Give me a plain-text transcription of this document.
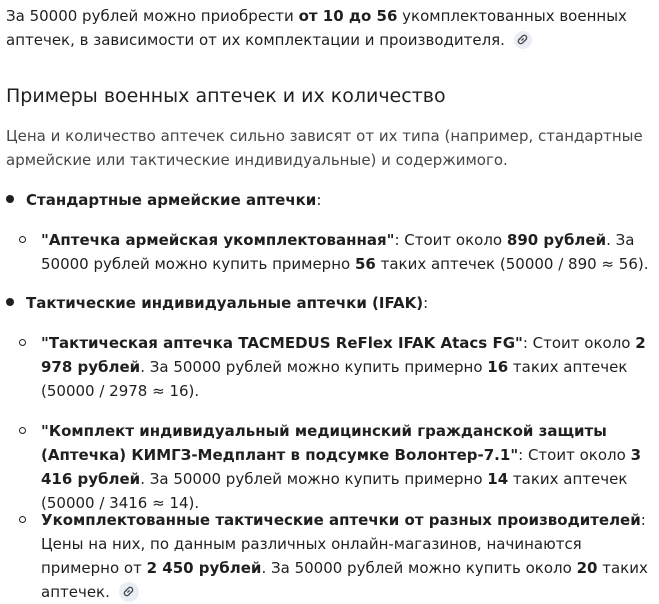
За 50000 рублей можно приобрести от 10 до 56 укомплектованных военных аптечек, в зависимости от их комплектации и производителя.

Примеры военных аптечек и их количество

Цена и количество аптечек сильно зависят от их типа (например, стандартные армейские или тактические индивидуальные) и содержимого.

Стандартные армейские аптечки:

"Аптечка армейская укомплектованная": Стоит около 890 рублей. За 50000 рублей можно купить примерно 56 таких аптечек (50000 / 890 ≈ 56).

Тактические индивидуальные аптечки (IFAK):

"Тактическая аптечка TACMEDUS ReFlex IFAK Atacs FG": Стоит около 2 978 рублей. За 50000 рублей можно купить примерно 16 таких аптечек (50000 / 2978 ≈ 16).

"Комплект индивидуальный медицинский гражданской защиты (Аптечка) КИМГЗ-Медплант в подсумке Волонтер-7.1": Стоит около 3 416 рублей. За 50000 рублей можно купить примерно 14 таких аптечек (50000 / 3416 ≈ 14).

Укомплектованные тактические аптечки от разных производителей: Цены на них, по данным различных онлайн-магазинов, начинаются примерно от 2 450 рублей. За 50000 рублей можно купить около 20 таких аптечек.
